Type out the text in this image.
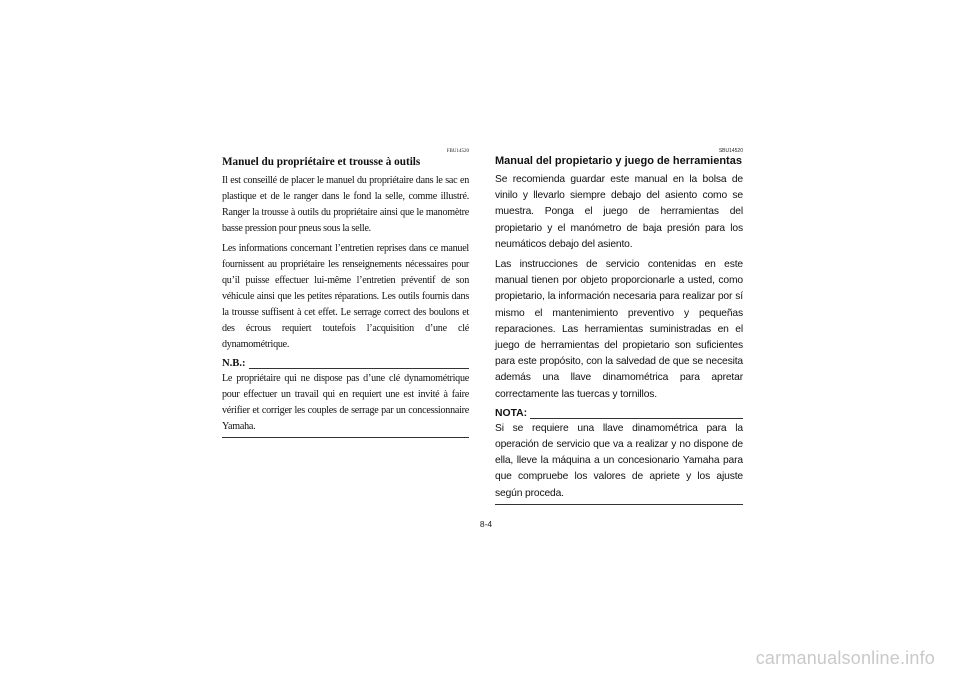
FBU14520
Manuel du propriétaire et trousse à outils

Il est conseillé de placer le manuel du propriétaire dans le sac en plastique et de le ranger dans le fond la selle, comme illustré. Ranger la trousse à outils du propriétaire ainsi que le manomètre basse pression pour pneus sous la selle.

Les informations concernant l’entretien reprises dans ce manuel fournissent au propriétaire les renseignements nécessaires pour qu’il puisse effectuer lui-même l’entretien préventif de son véhicule ainsi que les petites réparations. Les outils fournis dans la trousse suffisent à cet effet. Le serrage correct des boulons et des écrous requiert toutefois l’acquisition d’une clé dynamométrique.

N.B.:

Le propriétaire qui ne dispose pas d’une clé dynamométrique pour effectuer un travail qui en requiert une est invité à faire vérifier et corriger les couples de serrage par un concessionnaire Yamaha.

SBU14520
Manual del propietario y juego de herramientas

Se recomienda guardar este manual en la bolsa de vinilo y llevarlo siempre debajo del asiento como se muestra. Ponga el juego de herramientas del propietario y el manómetro de baja presión para los neumáticos debajo del asiento.

Las instrucciones de servicio contenidas en este manual tienen por objeto proporcionarle a usted, como propietario, la información necesaria para realizar por sí mismo el mantenimiento preventivo y pequeñas reparaciones. Las herramientas suministradas en el juego de herramientas del propietario son suficientes para este propósito, con la salvedad de que se necesita además una llave dinamométrica para apretar correctamente las tuercas y tornillos.

NOTA:

Si se requiere una llave dinamométrica para la operación de servicio que va a realizar y no dispone de ella, lleve la máquina a un concesionario Yamaha para que compruebe los valores de apriete y los ajuste según proceda.

8-4
carmanualsonline.info
